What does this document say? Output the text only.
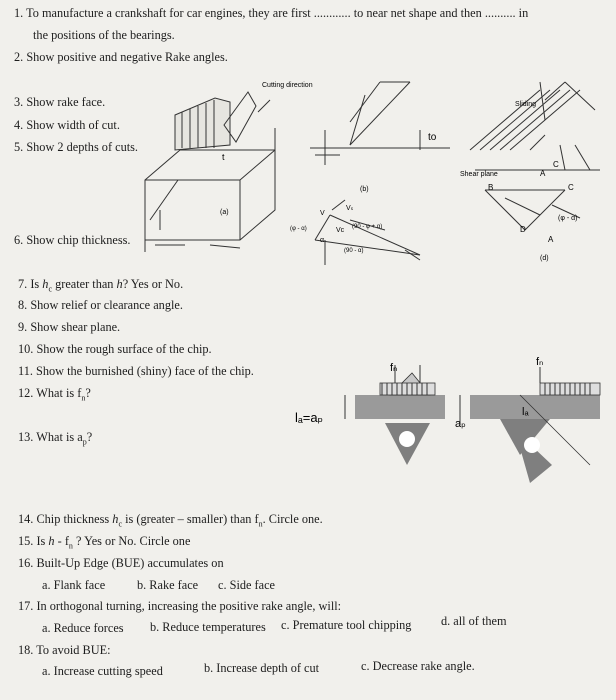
1. To manufacture a crankshaft for car engines, they are first ............ to near net shape and then .......... in
the positions of the bearings.
2. Show positive and negative Rake angles.
3. Show rake face.
4. Show width of cut.
5. Show 2 depths of cuts.
6. Show chip thickness.
7. Is $h_c$ greater than h? Yes or No.
8. Show relief or clearance angle.
9. Show shear plane.
10. Show the rough surface of the chip.
11. Show the burnished (shiny) face of the chip.
12. What is $f_n$?
13. What is $a_p$?
14. Chip thickness $h_c$ is (greater – smaller) than $f_n$. Circle one.
15. Is h - $f_n$ ? Yes or No. Circle one
16. Built-Up Edge (BUE) accumulates on
a. Flank face	b. Rake face c. Side face
17. In orthogonal turning, increasing the positive rake angle, will:
a. Reduce forces b. Reduce temperatures c. Premature tool chipping d. all of them
18. To avoid BUE:
a. Increase cutting speed	b. Increase depth of cut	c. Decrease rake angle.
Cutting direction
Sliding
Shear plane
(a)
(b)
(d)
t
to
C
A
B	C
D
A
(φ - α)
V
Vₛ
Vc (90 - φ + α)
(90 - α)
(φ - α)
α
lₐ=aₚ
fₙ
aₚ
lₐ
fₙ
